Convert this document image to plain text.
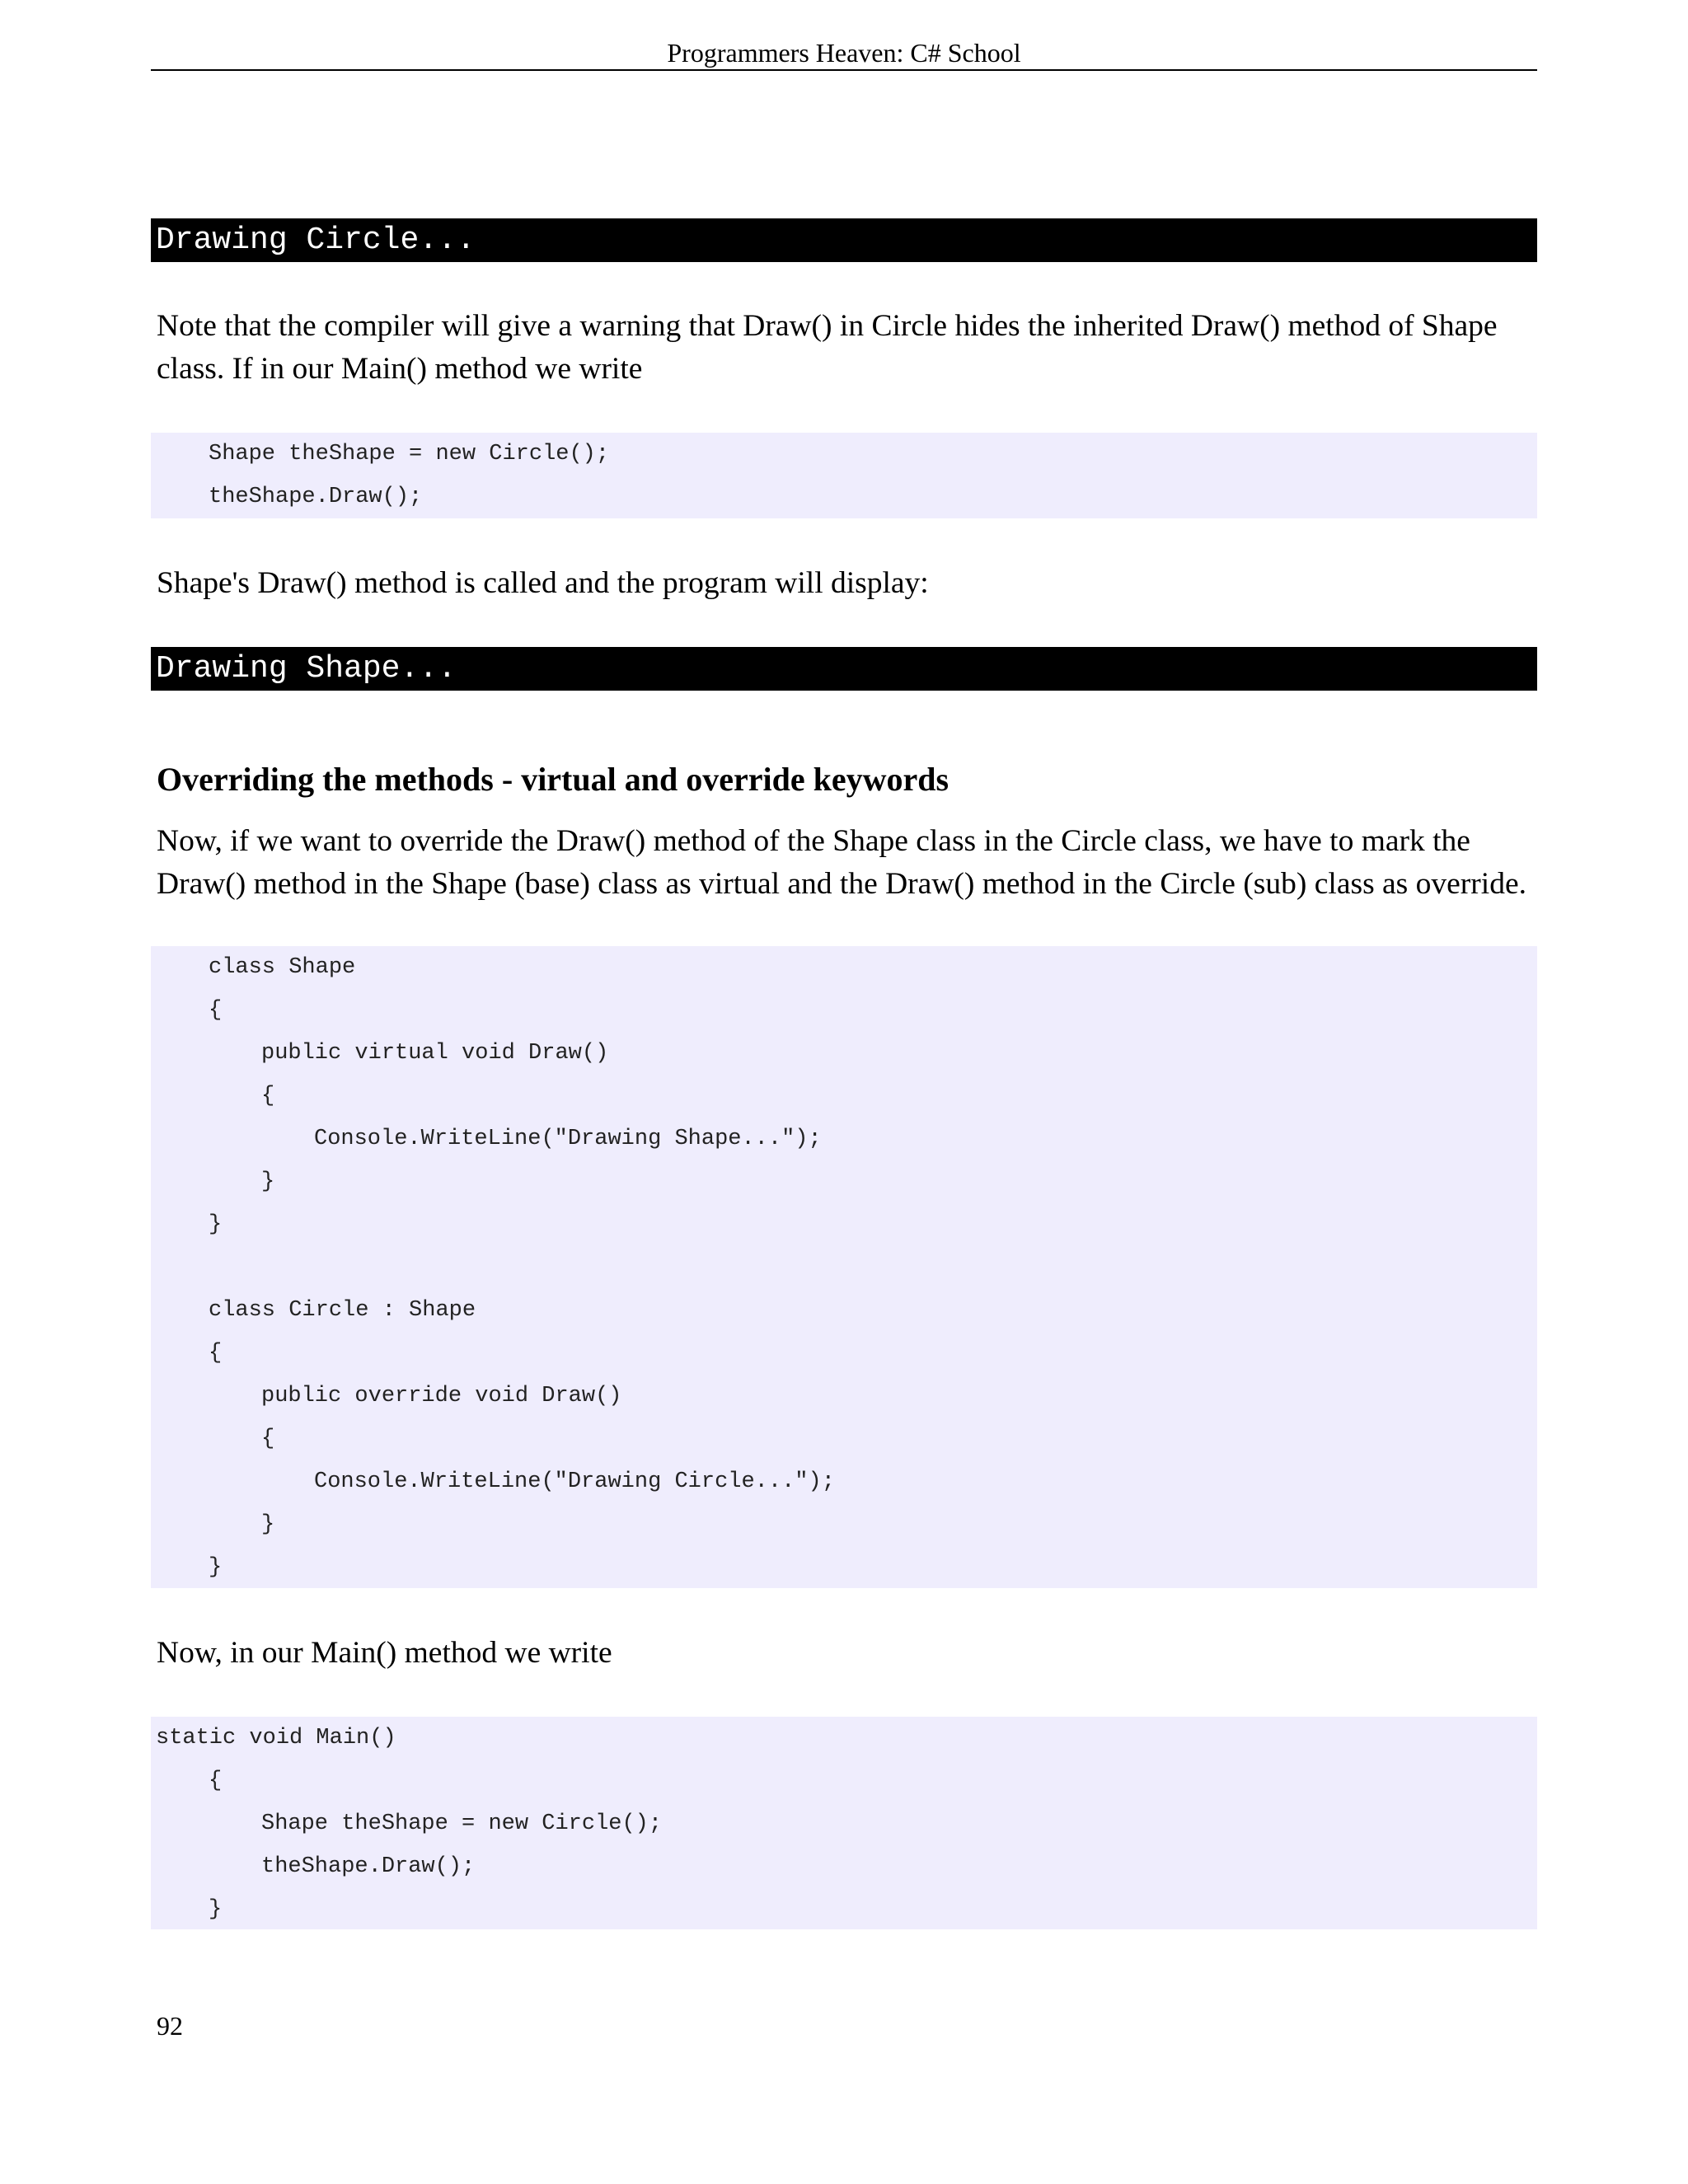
Programmers Heaven: C# School
Drawing Circle...

Note that the compiler will give a warning that Draw() in Circle hides the inherited Draw() method of Shape class. If in our Main() method we write

Shape theShape = new Circle();
theShape.Draw();

Shape's Draw() method is called and the program will display:

Drawing Shape...
Overriding the methods - virtual and override keywords

Now, if we want to override the Draw() method of the Shape class in the Circle class, we have to mark the Draw() method in the Shape (base) class as virtual and the Draw() method in the Circle (sub) class as override.

class Shape
{
public virtual void Draw()
{
Console.WriteLine("Drawing Shape...");
}
}
class Circle : Shape
{
public override void Draw()
{
Console.WriteLine("Drawing Circle...");
}
}

Now, in our Main() method we write

static void Main()
{
Shape theShape = new Circle();
theShape.Draw();
}
92
